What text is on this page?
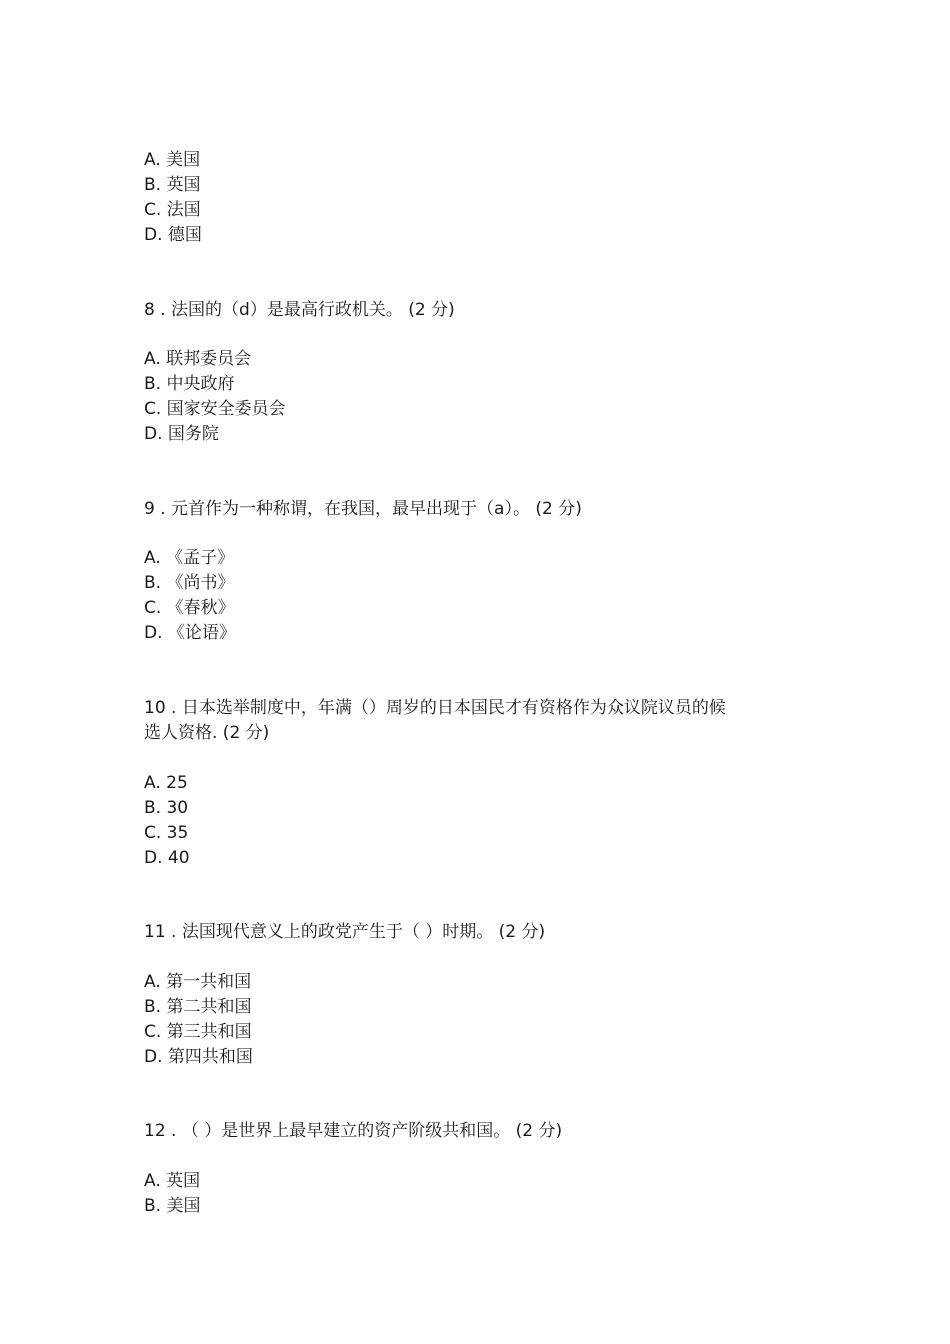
A. 美国
B. 英国
C. 法国
D. 德国
8 . 法国的（d）是最高行政机关。 (2 分)
A. 联邦委员会
B. 中央政府
C. 国家安全委员会
D. 国务院
9 . 元首作为一种称谓，在我国，最早出现于（a）。 (2 分)
A. 《孟子》
B. 《尚书》
C. 《春秋》
D. 《论语》
10 . 日本选举制度中，年满（）周岁的日本国民才有资格作为众议院议员的候
选人资格. (2 分)
A. 25
B. 30
C. 35
D. 40
11 . 法国现代意义上的政党产生于（ ）时期。 (2 分)
A. 第一共和国
B. 第二共和国
C. 第三共和国
D. 第四共和国
12 . （ ）是世界上最早建立的资产阶级共和国。 (2 分)
A. 英国
B. 美国
